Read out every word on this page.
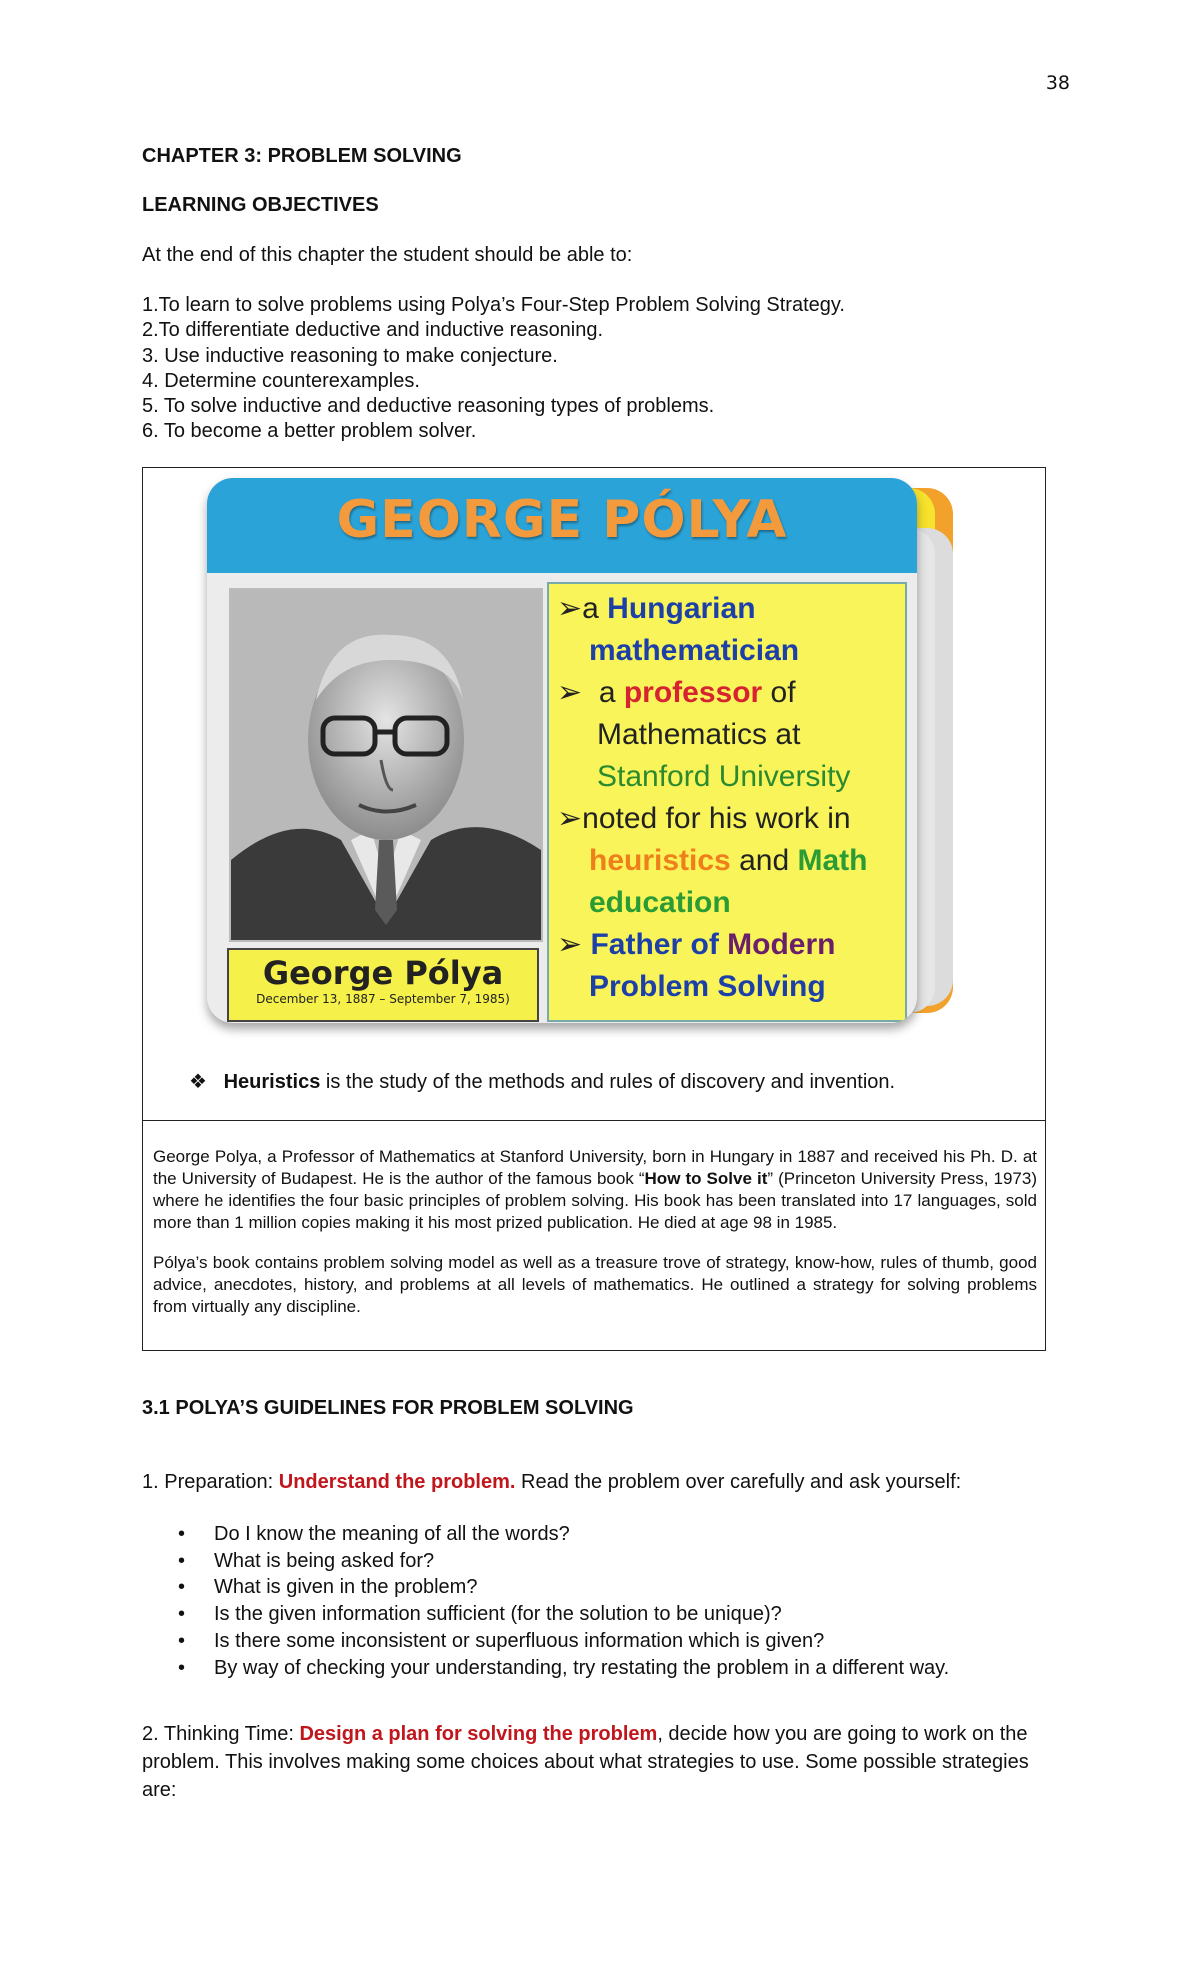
38
CHAPTER 3: PROBLEM SOLVING
LEARNING OBJECTIVES
At the end of this chapter the student should be able to:
1.To learn to solve problems using Polya’s Four-Step Problem Solving Strategy.
2.To differentiate deductive and inductive reasoning.
3. Use inductive reasoning to make conjecture.
4. Determine counterexamples.
5. To solve inductive and deductive reasoning types of problems.
6. To become a better problem solver.
GEORGE PÓLYA
George Pólya
December 13, 1887 – September 7, 1985)
➢a Hungarian
mathematician
➢ a professor of
Mathematics at
Stanford University
➢noted for his work in
heuristics and Math
education
➢ Father of Modern
Problem Solving
❖ Heuristics is the study of the methods and rules of discovery and invention.

George Polya, a Professor of Mathematics at Stanford University, born in Hungary in 1887 and received his Ph. D. at the University of Budapest. He is the author of the famous book “How to Solve it” (Princeton University Press, 1973) where he identifies the four basic principles of problem solving. His book has been translated into 17 languages, sold more than 1 million copies making it his most prized publication. He died at age 98 in 1985.

Pólya’s book contains problem solving model as well as a treasure trove of strategy, know-how, rules of thumb, good advice, anecdotes, history, and problems at all levels of mathematics. He outlined a strategy for solving problems from virtually any discipline.

3.1 POLYA’S GUIDELINES FOR PROBLEM SOLVING
1. Preparation: Understand the problem. Read the problem over carefully and ask yourself:
• Do I know the meaning of all the words?
• What is being asked for?
• What is given in the problem?
• Is the given information sufficient (for the solution to be unique)?
• Is there some inconsistent or superfluous information which is given?
• By way of checking your understanding, try restating the problem in a different way.
2. Thinking Time: Design a plan for solving the problem, decide how you are going to work on the problem. This involves making some choices about what strategies to use. Some possible strategies are:
